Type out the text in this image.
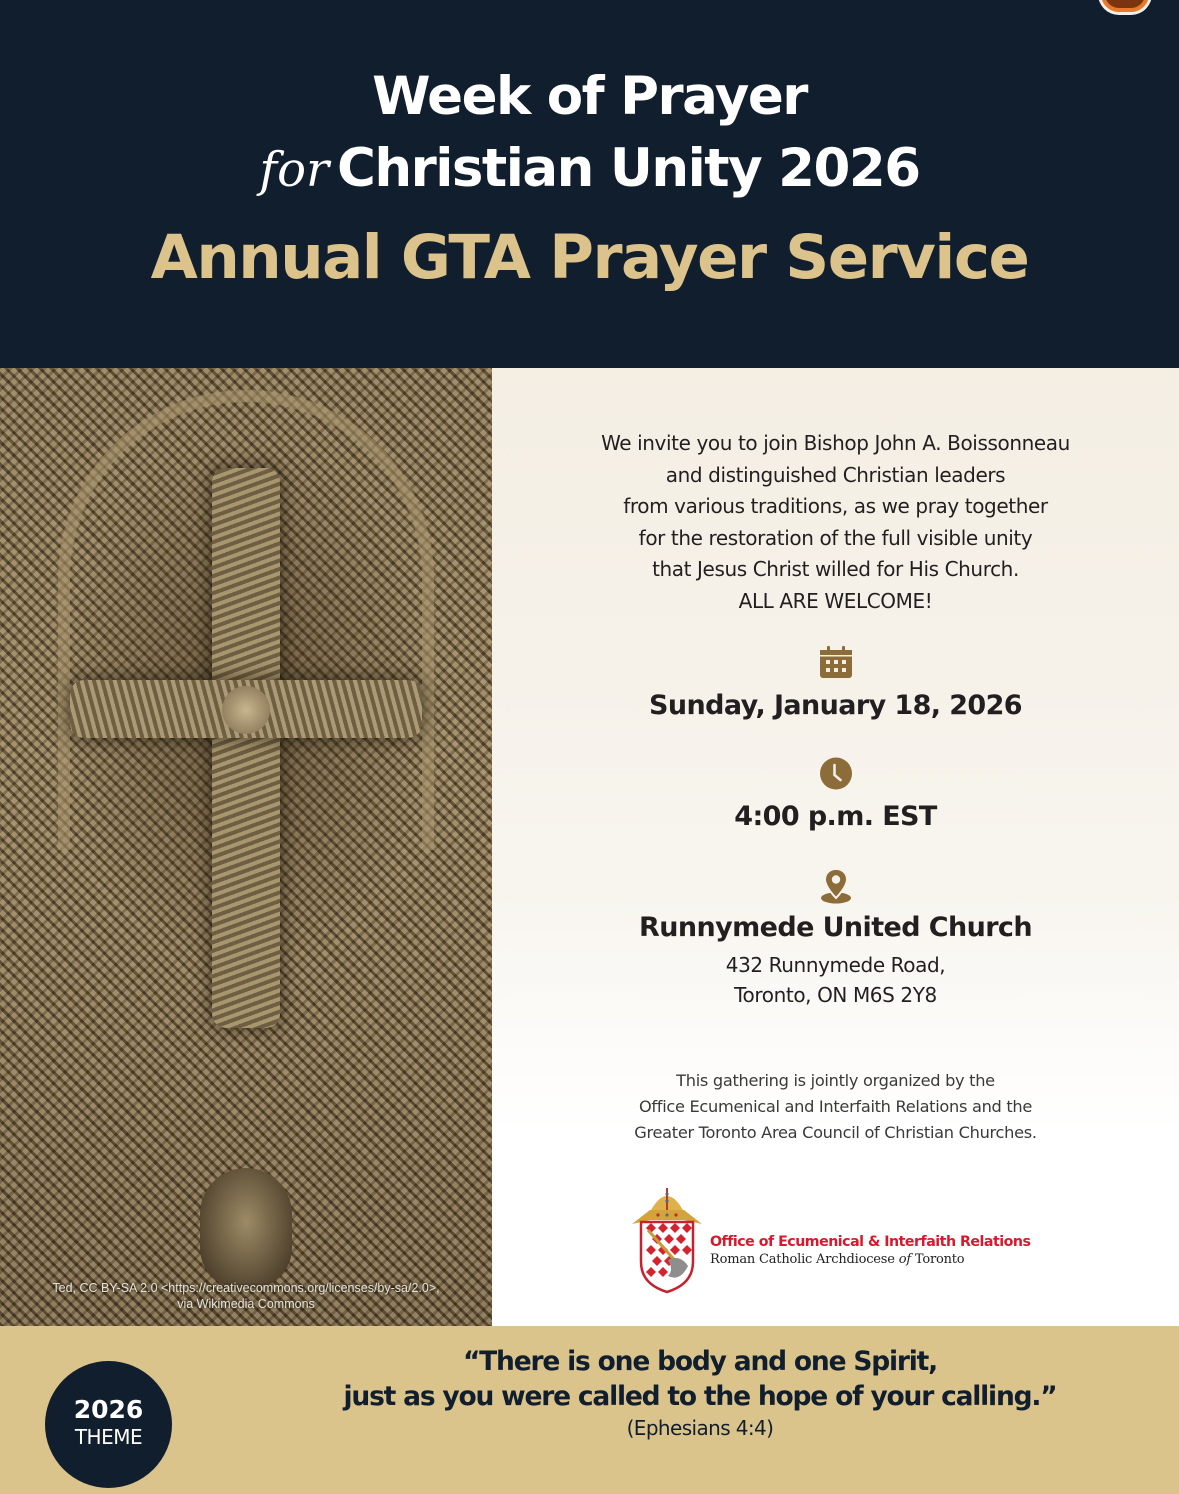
Week of Prayer
for Christian Unity 2026
Annual GTA Prayer Service
Ted, CC BY-SA 2.0 <https://creativecommons.org/licenses/by-sa/2.0>,
via Wikimedia Commons
We invite you to join Bishop John A. Boissonneau
and distinguished Christian leaders
from various traditions, as we pray together
for the restoration of the full visible unity
that Jesus Christ willed for His Church.
ALL ARE WELCOME!
Sunday, January 18, 2026
4:00 p.m. EST
Runnymede United Church
432 Runnymede Road,
Toronto, ON M6S 2Y8
This gathering is jointly organized by the
Office Ecumenical and Interfaith Relations and the
Greater Toronto Area Council of Christian Churches.
Office of Ecumenical & Interfaith Relations
Roman Catholic Archdiocese of Toronto
2026
THEME
“There is one body and one Spirit,
just as you were called to the hope of your calling.”
(Ephesians 4:4)
